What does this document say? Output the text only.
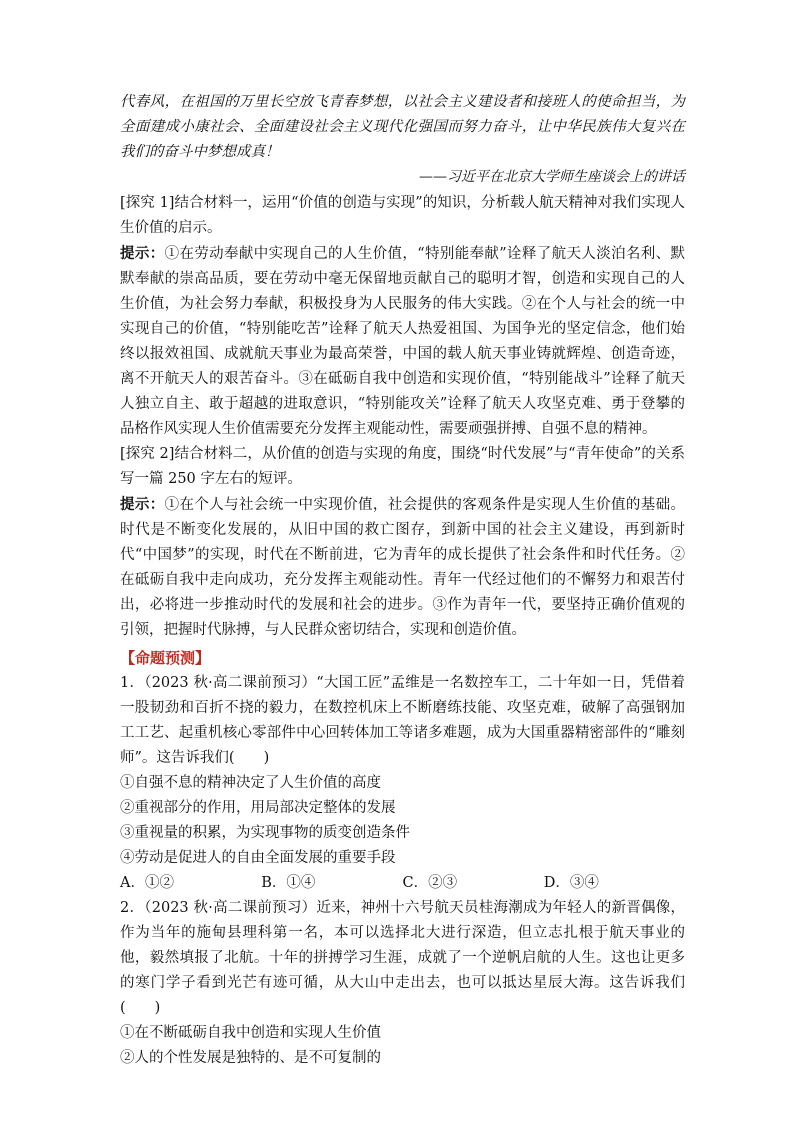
代春风，在祖国的万里长空放飞青春梦想，以社会主义建设者和接班人的使命担当，为全面建成小康社会、全面建设社会主义现代化强国而努力奋斗，让中华民族伟大复兴在我们的奋斗中梦想成真！

——习近平在北京大学师生座谈会上的讲话

[探究 1]结合材料一，运用“价值的创造与实现”的知识，分析载人航天精神对我们实现人生价值的启示。

提示：①在劳动奉献中实现自己的人生价值，“特别能奉献”诠释了航天人淡泊名利、默默奉献的崇高品质，要在劳动中毫无保留地贡献自己的聪明才智，创造和实现自己的人生价值，为社会努力奉献，积极投身为人民服务的伟大实践。②在个人与社会的统一中实现自己的价值，“特别能吃苦”诠释了航天人热爱祖国、为国争光的坚定信念，他们始终以报效祖国、成就航天事业为最高荣誉，中国的载人航天事业铸就辉煌、创造奇迹，离不开航天人的艰苦奋斗。③在砥砺自我中创造和实现价值，“特别能战斗”诠释了航天人独立自主、敢于超越的进取意识，“特别能攻关”诠释了航天人攻坚克难、勇于登攀的品格作风实现人生价值需要充分发挥主观能动性，需要顽强拼搏、自强不息的精神。

[探究 2]结合材料二，从价值的创造与实现的角度，围绕“时代发展”与“青年使命”的关系写一篇 250 字左右的短评。

提示：①在个人与社会统一中实现价值，社会提供的客观条件是实现人生价值的基础。时代是不断变化发展的，从旧中国的救亡图存，到新中国的社会主义建设，再到新时代“中国梦”的实现，时代在不断前进，它为青年的成长提供了社会条件和时代任务。②在砥砺自我中走向成功，充分发挥主观能动性。青年一代经过他们的不懈努力和艰苦付出，必将进一步推动时代的发展和社会的进步。③作为青年一代，要坚持正确价值观的引领，把握时代脉搏，与人民群众密切结合，实现和创造价值。

【命题预测】

1．（2023 秋·高二课前预习）“大国工匠”孟维是一名数控车工，二十年如一日，凭借着一股韧劲和百折不挠的毅力，在数控机床上不断磨练技能、攻坚克难，破解了高强钢加工工艺、起重机核心零部件中心回转体加工等诸多难题，成为大国重器精密部件的“雕刻师”。这告诉我们(　　)

①自强不息的精神决定了人生价值的高度

②重视部分的作用，用局部决定整体的发展

③重视量的积累，为实现事物的质变创造条件

④劳动是促进人的自由全面发展的重要手段

A．①②	B．①④	C．②③	D．③④

2．（2023 秋·高二课前预习）近来，神州十六号航天员桂海潮成为年轻人的新晋偶像，作为当年的施甸县理科第一名，本可以选择北大进行深造，但立志扎根于航天事业的他，毅然填报了北航。十年的拼搏学习生涯，成就了一个逆帆启航的人生。这也让更多的寒门学子看到光芒有迹可循，从大山中走出去，也可以抵达星辰大海。这告诉我们(　　)

①在不断砥砺自我中创造和实现人生价值

②人的个性发展是独特的、是不可复制的
